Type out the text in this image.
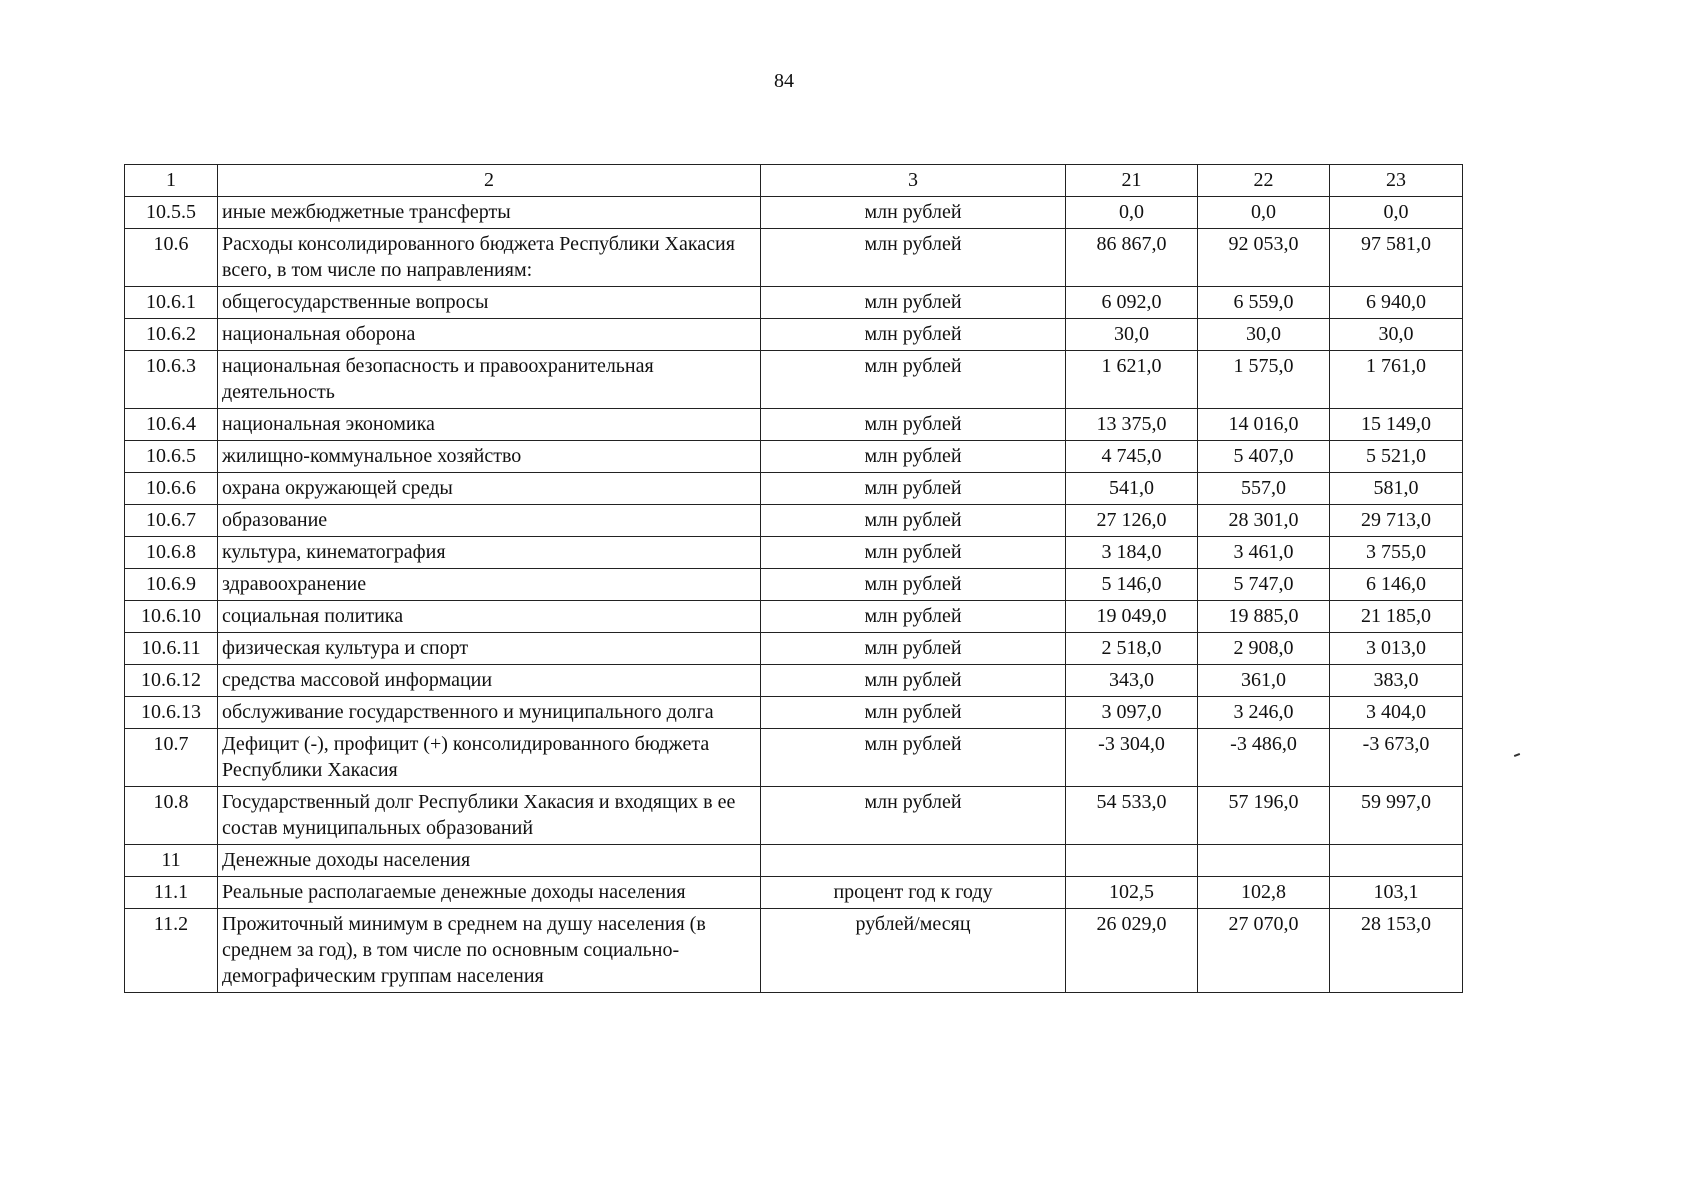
84
1	2	3	21	22	23
10.5.5	иные межбюджетные трансферты	млн рублей	0,0	0,0	0,0
10.6	Расходы консолидированного бюджета Республики Хакасия всего, в том числе по направлениям:	млн рублей	86 867,0	92 053,0	97 581,0
10.6.1	общегосударственные вопросы	млн рублей	6 092,0	6 559,0	6 940,0
10.6.2	национальная оборона	млн рублей	30,0	30,0	30,0
10.6.3	национальная безопасность и правоохранительная деятельность	млн рублей	1 621,0	1 575,0	1 761,0
10.6.4	национальная экономика	млн рублей	13 375,0	14 016,0	15 149,0
10.6.5	жилищно-коммунальное хозяйство	млн рублей	4 745,0	5 407,0	5 521,0
10.6.6	охрана окружающей среды	млн рублей	541,0	557,0	581,0
10.6.7	образование	млн рублей	27 126,0	28 301,0	29 713,0
10.6.8	культура, кинематография	млн рублей	3 184,0	3 461,0	3 755,0
10.6.9	здравоохранение	млн рублей	5 146,0	5 747,0	6 146,0
10.6.10	социальная политика	млн рублей	19 049,0	19 885,0	21 185,0
10.6.11	физическая культура и спорт	млн рублей	2 518,0	2 908,0	3 013,0
10.6.12	средства массовой информации	млн рублей	343,0	361,0	383,0
10.6.13	обслуживание государственного и муниципального долга	млн рублей	3 097,0	3 246,0	3 404,0
10.7	Дефицит (-), профицит (+) консолидированного бюджета Республики Хакасия	млн рублей	-3 304,0	-3 486,0	-3 673,0
10.8	Государственный долг Республики Хакасия и входящих в ее состав муниципальных образований	млн рублей	54 533,0	57 196,0	59 997,0
11	Денежные доходы населения				
11.1	Реальные располагаемые денежные доходы населения	процент год к году	102,5	102,8	103,1
11.2	Прожиточный минимум в среднем на душу населения (в среднем за год), в том числе по основным социально-демографическим группам населения	рублей/месяц	26 029,0	27 070,0	28 153,0
